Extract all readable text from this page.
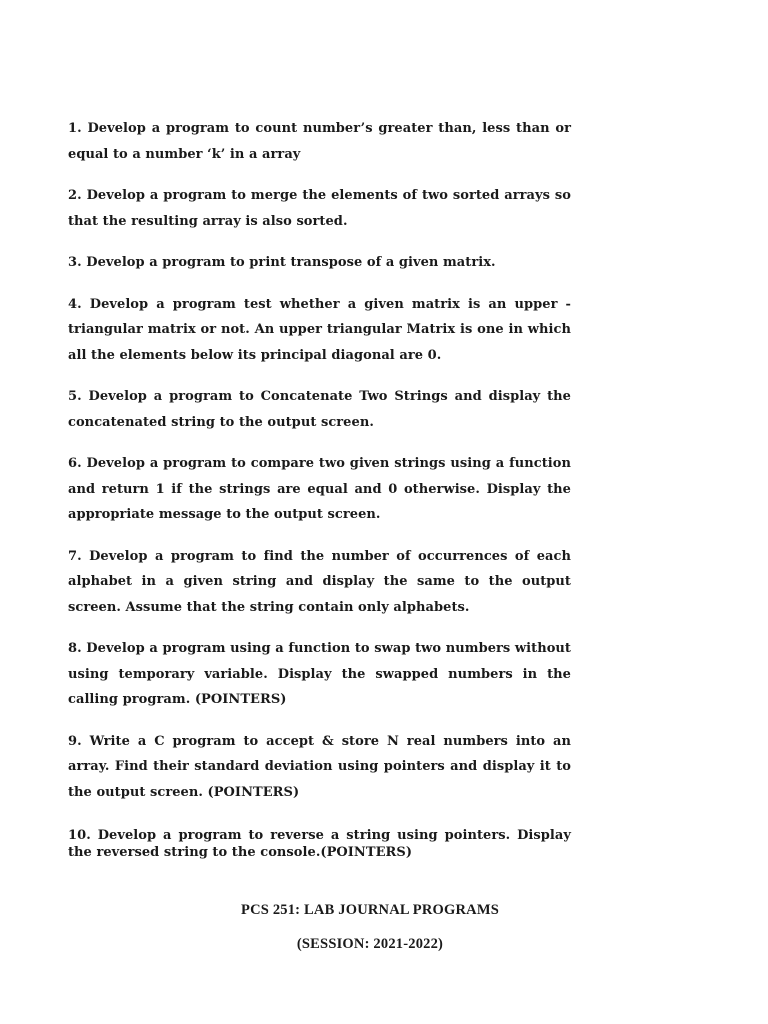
1. Develop a program to count number’s greater than, less than or equal to a number ‘k’ in a array

2. Develop a program to merge the elements of two sorted arrays so that the resulting array is also sorted.

3. Develop a program to print transpose of a given matrix.

4. Develop a program test whether a given matrix is an upper - triangular matrix or not. An upper triangular Matrix is one in which all the elements below its principal diagonal are 0.

5. Develop a program to Concatenate Two Strings and display the concatenated string to the output screen.

6. Develop a program to compare two given strings using a function and return 1 if the strings are equal and 0 otherwise. Display the appropriate message to the output screen.

7. Develop a program to find the number of occurrences of each alphabet in a given string and display the same to the output screen. Assume that the string contain only alphabets.

8. Develop a program using a function to swap two numbers without using temporary variable. Display the swapped numbers in the calling program. (POINTERS)

9. Write a C program to accept & store N real numbers into an array. Find their standard deviation using pointers and display it to the output screen. (POINTERS)

10. Develop a program to reverse a string using pointers. Display the reversed string to the console.(POINTERS)

PCS 251: LAB JOURNAL PROGRAMS
(SESSION: 2021-2022)
